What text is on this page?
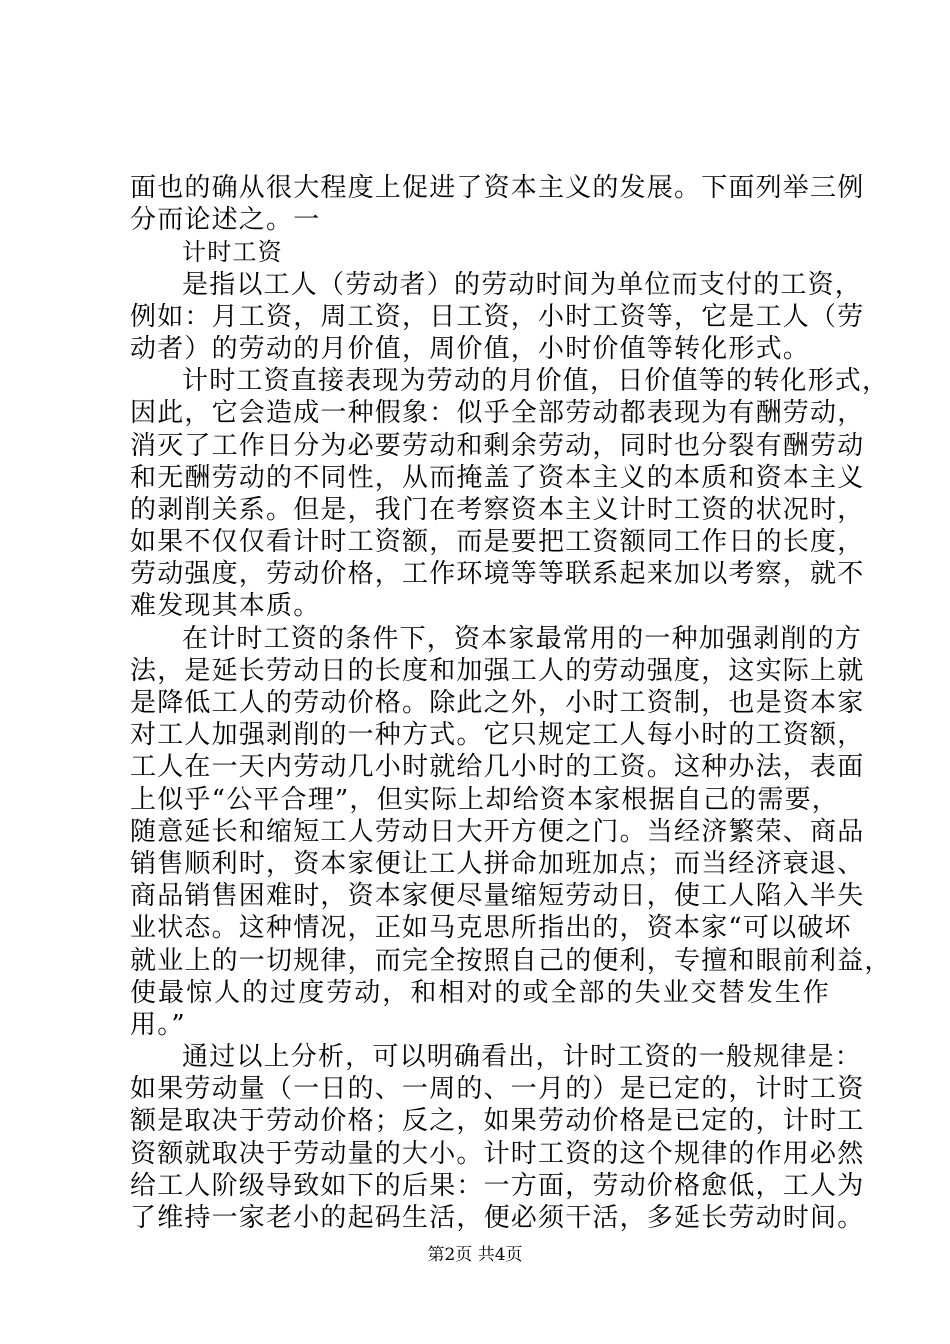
面也的确从很大程度上促进了资本主义的发展。下面列举三例
分而论述之。一
计时工资
是指以工人（劳动者）的劳动时间为单位而支付的工资，
例如：月工资，周工资，日工资，小时工资等，它是工人（劳
动者）的劳动的月价值，周价值，小时价值等转化形式。
计时工资直接表现为劳动的月价值，日价值等的转化形式，
因此，它会造成一种假象：似乎全部劳动都表现为有酬劳动，
消灭了工作日分为必要劳动和剩余劳动，同时也分裂有酬劳动
和无酬劳动的不同性，从而掩盖了资本主义的本质和资本主义
的剥削关系。但是，我门在考察资本主义计时工资的状况时，
如果不仅仅看计时工资额，而是要把工资额同工作日的长度，
劳动强度，劳动价格，工作环境等等联系起来加以考察，就不
难发现其本质。
在计时工资的条件下，资本家最常用的一种加强剥削的方
法，是延长劳动日的长度和加强工人的劳动强度，这实际上就
是降低工人的劳动价格。除此之外，小时工资制，也是资本家
对工人加强剥削的一种方式。它只规定工人每小时的工资额，
工人在一天内劳动几小时就给几小时的工资。这种办法，表面
上似乎“公平合理”，但实际上却给资本家根据自己的需要，
随意延长和缩短工人劳动日大开方便之门。当经济繁荣、商品
销售顺利时，资本家便让工人拼命加班加点；而当经济衰退、
商品销售困难时，资本家便尽量缩短劳动日，使工人陷入半失
业状态。这种情况，正如马克思所指出的，资本家“可以破坏
就业上的一切规律，而完全按照自己的便利，专擅和眼前利益，
使最惊人的过度劳动，和相对的或全部的失业交替发生作
用。”
通过以上分析，可以明确看出，计时工资的一般规律是：
如果劳动量（一日的、一周的、一月的）是已定的，计时工资
额是取决于劳动价格；反之，如果劳动价格是已定的，计时工
资额就取决于劳动量的大小。计时工资的这个规律的作用必然
给工人阶级导致如下的后果：一方面，劳动价格愈低，工人为
了维持一家老小的起码生活，便必须干活，多延长劳动时间。
第2页 共4页
